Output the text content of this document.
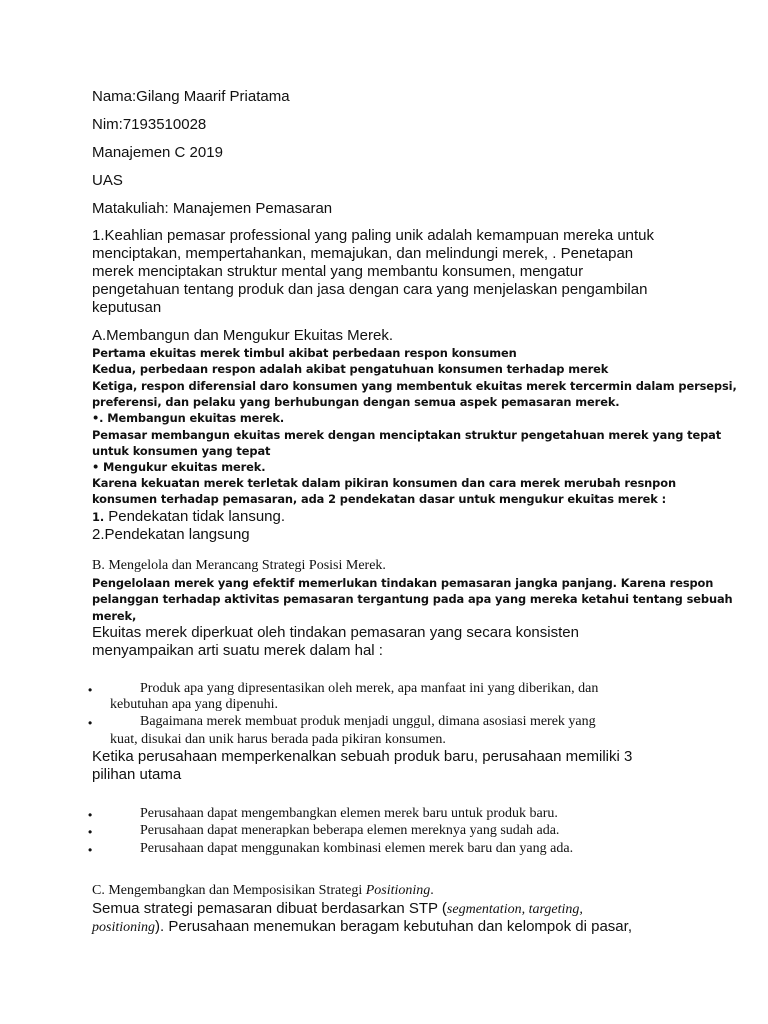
Nama:Gilang Maarif Priatama
Nim:7193510028
Manajemen C 2019
UAS
Matakuliah: Manajemen Pemasaran
1.Keahlian pemasar professional yang paling unik adalah kemampuan mereka untuk
menciptakan, mempertahankan, memajukan, dan melindungi merek, . Penetapan
merek menciptakan struktur mental yang membantu konsumen, mengatur
pengetahuan tentang produk dan jasa dengan cara yang menjelaskan pengambilan
keputusan
A.Membangun dan Mengukur Ekuitas Merek.
Pertama ekuitas merek timbul akibat perbedaan respon konsumen
Kedua, perbedaan respon adalah akibat pengatuhuan konsumen terhadap merek
Ketiga, respon diferensial daro konsumen yang membentuk ekuitas merek tercermin dalam persepsi,
preferensi, dan pelaku yang berhubungan dengan semua aspek pemasaran merek.
•. Membangun ekuitas merek.
Pemasar membangun ekuitas merek dengan menciptakan struktur pengetahuan merek yang tepat
untuk konsumen yang tepat
• Mengukur ekuitas merek.
Karena kekuatan merek terletak dalam pikiran konsumen dan cara merek merubah resnpon
konsumen terhadap pemasaran, ada 2 pendekatan dasar untuk mengukur ekuitas merek :
1. Pendekatan tidak lansung.
2.Pendekatan langsung
B. Mengelola dan Merancang Strategi Posisi Merek.
Pengelolaan merek yang efektif memerlukan tindakan pemasaran jangka panjang. Karena respon
pelanggan terhadap aktivitas pemasaran tergantung pada apa yang mereka ketahui tentang sebuah
merek,
Ekuitas merek diperkuat oleh tindakan pemasaran yang secara konsisten
menyampaikan arti suatu merek dalam hal :
•	Produk apa yang dipresentasikan oleh merek, apa manfaat ini yang diberikan, dan
kebutuhan apa yang dipenuhi.
•	Bagaimana merek membuat produk menjadi unggul, dimana asosiasi merek yang
kuat, disukai dan unik harus berada pada pikiran konsumen.
Ketika perusahaan memperkenalkan sebuah produk baru, perusahaan memiliki 3
pilihan utama
•	Perusahaan dapat mengembangkan elemen merek baru untuk produk baru.
•	Perusahaan dapat menerapkan beberapa elemen mereknya yang sudah ada.
•	Perusahaan dapat menggunakan kombinasi elemen merek baru dan yang ada.
C. Mengembangkan dan Memposisikan Strategi Positioning.
Semua strategi pemasaran dibuat berdasarkan STP (segmentation, targeting,
positioning). Perusahaan menemukan beragam kebutuhan dan kelompok di pasar,
